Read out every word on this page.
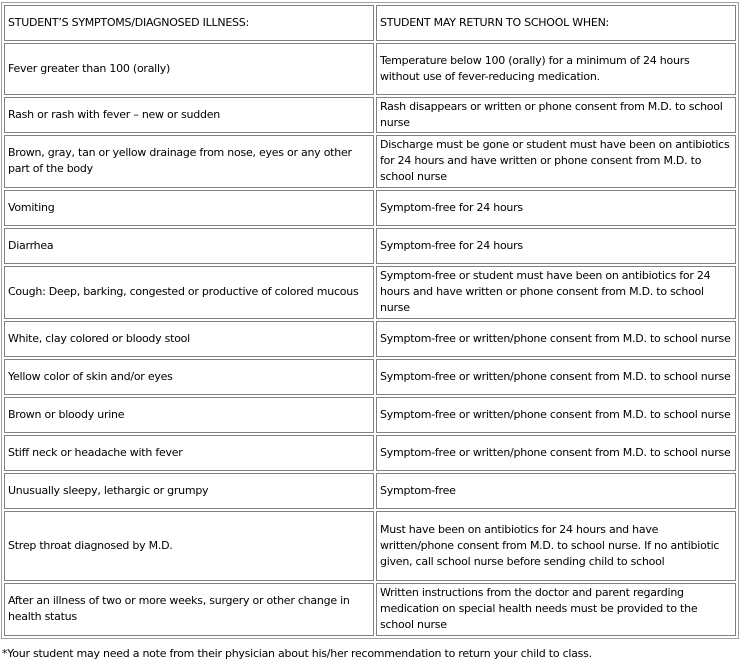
STUDENT’S SYMPTOMS/DIAGNOSED ILLNESS:	STUDENT MAY RETURN TO SCHOOL WHEN:
Fever greater than 100 (orally)	Temperature below 100 (orally) for a minimum of 24 hours without use of fever-reducing medication.
Rash or rash with fever – new or sudden	Rash disappears or written or phone consent from M.D. to school nurse
Brown, gray, tan or yellow drainage from nose, eyes or any other part of the body	Discharge must be gone or student must have been on antibiotics for 24 hours and have written or phone consent from M.D. to school nurse
Vomiting	Symptom-free for 24 hours
Diarrhea	Symptom-free for 24 hours
Cough: Deep, barking, congested or productive of colored mucous	Symptom-free or student must have been on antibiotics for 24 hours and have written or phone consent from M.D. to school nurse
White, clay colored or bloody stool	Symptom-free or written/phone consent from M.D. to school nurse
Yellow color of skin and/or eyes	Symptom-free or written/phone consent from M.D. to school nurse
Brown or bloody urine	Symptom-free or written/phone consent from M.D. to school nurse
Stiff neck or headache with fever	Symptom-free or written/phone consent from M.D. to school nurse
Unusually sleepy, lethargic or grumpy	Symptom-free
Strep throat diagnosed by M.D.	Must have been on antibiotics for 24 hours and have written/phone consent from M.D. to school nurse. If no antibiotic given, call school nurse before sending child to school
After an illness of two or more weeks, surgery or other change in health status	Written instructions from the doctor and parent regarding medication on special health needs must be provided to the school nurse
*Your student may need a note from their physician about his/her recommendation to return your child to class.
